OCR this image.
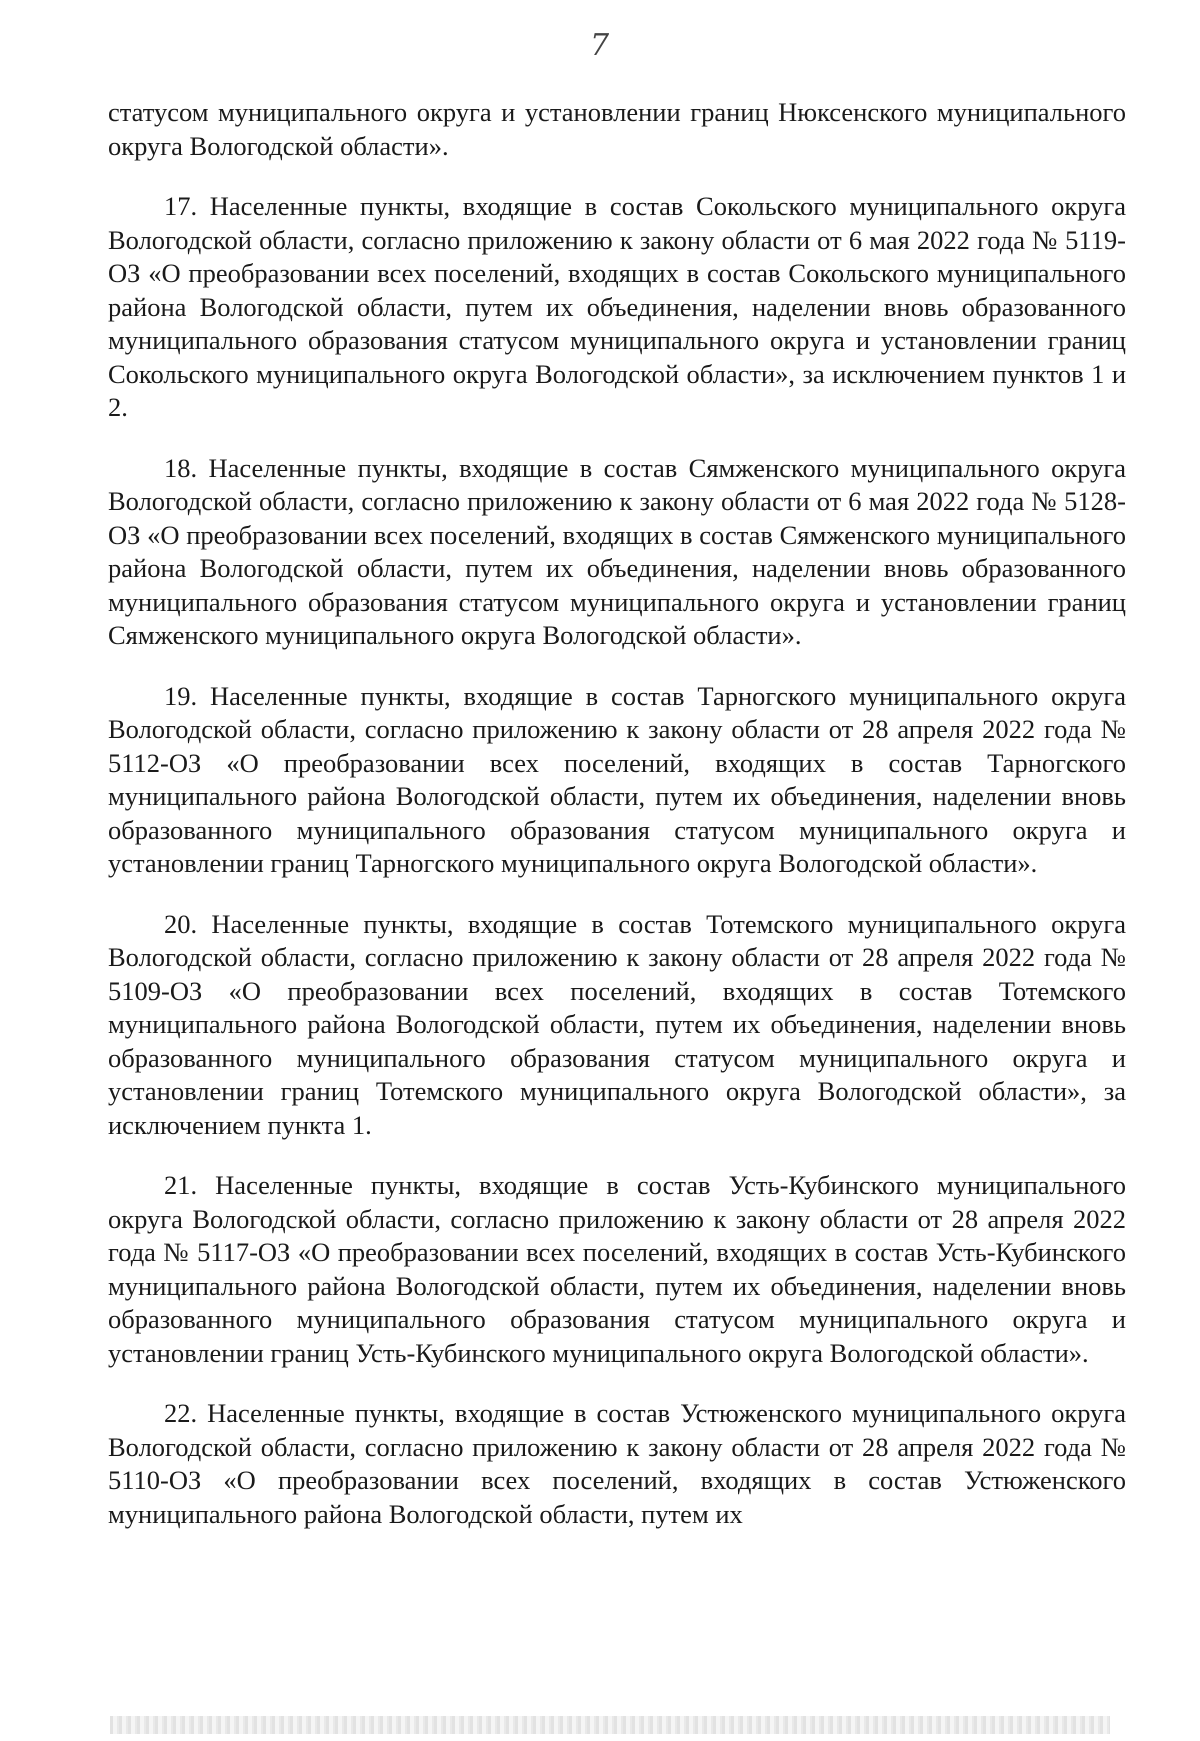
7

статусом муниципального округа и установлении границ Нюксенского муниципального округа Вологодской области».

17. Населенные пункты, входящие в состав Сокольского муниципального округа Вологодской области, согласно приложению к закону области от 6 мая 2022 года № 5119-ОЗ «О преобразовании всех поселений, входящих в состав Сокольского муниципального района Вологодской области, путем их объединения, наделении вновь образованного муниципального образования статусом муниципального округа и установлении границ Сокольского муниципального округа Вологодской области», за исключением пунктов 1 и 2.

18. Населенные пункты, входящие в состав Сямженского муниципального округа Вологодской области, согласно приложению к закону области от 6 мая 2022 года № 5128-ОЗ «О преобразовании всех поселений, входящих в состав Сямженского муниципального района Вологодской области, путем их объединения, наделении вновь образованного муниципального образования статусом муниципального округа и установлении границ Сямженского муниципального округа Вологодской области».

19. Населенные пункты, входящие в состав Тарногского муниципального округа Вологодской области, согласно приложению к закону области от 28 апреля 2022 года № 5112-ОЗ «О преобразовании всех поселений, входящих в состав Тарногского муниципального района Вологодской области, путем их объединения, наделении вновь образованного муниципального образования статусом муниципального округа и установлении границ Тарногского муниципального округа Вологодской области».

20. Населенные пункты, входящие в состав Тотемского муниципального округа Вологодской области, согласно приложению к закону области от 28 апреля 2022 года № 5109-ОЗ «О преобразовании всех поселений, входящих в состав Тотемского муниципального района Вологодской области, путем их объединения, наделении вновь образованного муниципального образования статусом муниципального округа и установлении границ Тотемского муниципального округа Вологодской области», за исключением пункта 1.

21. Населенные пункты, входящие в состав Усть-Кубинского муниципального округа Вологодской области, согласно приложению к закону области от 28 апреля 2022 года № 5117-ОЗ «О преобразовании всех поселений, входящих в состав Усть-Кубинского муниципального района Вологодской области, путем их объединения, наделении вновь образованного муниципального образования статусом муниципального округа и установлении границ Усть-Кубинского муниципального округа Вологодской области».

22. Населенные пункты, входящие в состав Устюженского муниципального округа Вологодской области, согласно приложению к закону области от 28 апреля 2022 года № 5110-ОЗ «О преобразовании всех поселений, входящих в состав Устюженского муниципального района Вологодской области, путем их
